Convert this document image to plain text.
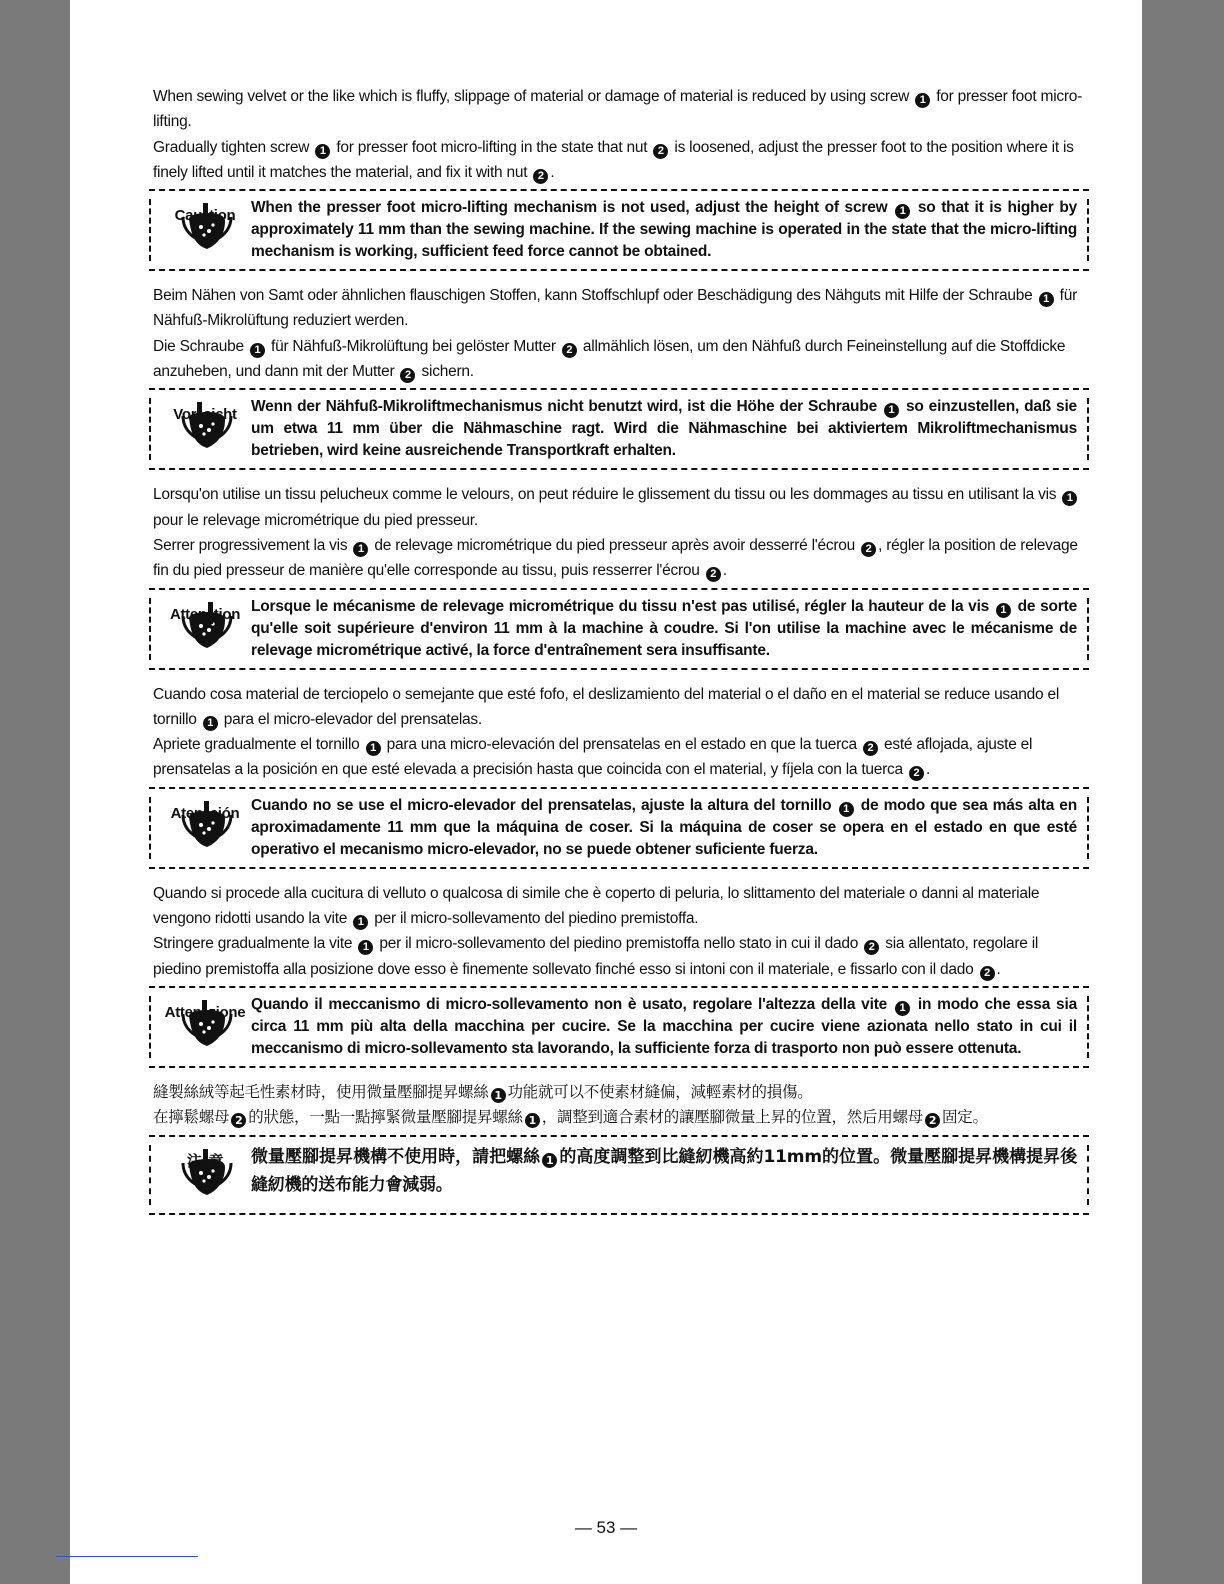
When sewing velvet or the like which is fluffy, slippage of material or damage of material is reduced by using screw 1 for presser foot micro-lifting.

Gradually tighten screw 1 for presser foot micro-lifting in the state that nut 2 is loosened, adjust the presser foot to the position where it is finely lifted until it matches the material, and fix it with nut 2 .

Cau tion	When the presser foot micro-lifting mechanism is not used, adjust the height of screw 1 so that it is higher by approximately 11 mm than the sewing machine. If the sewing machine is operated in the state that the micro-lifting mechanism is working, sufficient feed force cannot be obtained.

Beim Nähen von Samt oder ähnlichen flauschigen Stoffen, kann Stoffschlupf oder Beschädigung des Nähguts mit Hilfe der Schraube 1 für Nähfuß-Mikrolüftung reduziert werden.

Die Schraube 1 für Nähfuß-Mikrolüftung bei gelöster Mutter 2 allmählich lösen, um den Nähfuß durch Feineinstellung auf die Stoffdicke anzuheben, und dann mit der Mutter 2 sichern.

Vor sicht Wenn der Nähfuß-Mikroliftmechanismus nicht benutzt wird, ist die Höhe der Schraube 1 so einzustellen, daß sie um etwa 11 mm über die Nähmaschine ragt. Wird die Nähmaschine bei aktiviertem Mikroliftmechanismus betrieben, wird keine ausreichende Transportkraft erhalten.

Lorsqu'on utilise un tissu pelucheux comme le velours, on peut réduire le glissement du tissu ou les dommages au tissu en utilisant la vis 1 pour le relevage micrométrique du pied presseur.

Serrer progressivement la vis 1 de relevage micrométrique du pied presseur après avoir desserré l'écrou 2 , régler la position de relevage fin du pied presseur de manière qu'elle corresponde au tissu, puis resserrer l'écrou 2 .

Atten tion Lorsque le mécanisme de relevage micrométrique du tissu n'est pas utilisé, régler la hauteur de la vis 1 de sorte qu'elle soit supérieure d'environ 11 mm à la machine à coudre. Si l'on utilise la machine avec le mécanisme de relevage micrométrique activé, la force d'entraînement sera insuffisante.

Cuando cosa material de terciopelo o semejante que esté fofo, el deslizamiento del material o el daño en el material se reduce usando el tornillo 1 para el micro-elevador del prensatelas.

Apriete gradualmente el tornillo 1 para una micro-elevación del prensatelas en el estado en que la tuerca 2 esté aflojada, ajuste el prensatelas a la posición en que esté elevada a precisión hasta que coincida con el material, y fíjela con la tuerca 2 .

Aten ción Cuando no se use el micro-elevador del prensatelas, ajuste la altura del tornillo 1 de modo que sea más alta en aproximadamente 11 mm que la máquina de coser. Si la máquina de coser se opera en el estado en que esté operativo el mecanismo micro-elevador, no se puede obtener suficiente fuerza.

Quando si procede alla cucitura di velluto o qualcosa di simile che è coperto di peluria, lo slittamento del materiale o danni al materiale vengono ridotti usando la vite 1 per il micro-sollevamento del piedino premistoffa.

Stringere gradualmente la vite 1 per il micro-sollevamento del piedino premistoffa nello stato in cui il dado 2 sia allentato, regolare il piedino premistoffa alla posizione dove esso è finemente sollevato finché esso si intoni con il materiale, e fissarlo con il dado 2 .

Atten zione Quando il meccanismo di micro-sollevamento non è usato, regolare l'altezza della vite 1 in modo che essa sia circa 11 mm più alta della macchina per cucire. Se la macchina per cucire viene azionata nello stato in cui il meccanismo di micro-sollevamento sta lavorando, la sufficiente forza di trasporto non può essere ottenuta.

縫製絲絨等起毛性素材時，使用微量壓腳提昇螺絲 1 功能就可以不使素材縫偏，減輕素材的損傷。

在擰鬆螺母 2 的狀態，一點一點擰緊微量壓腳提昇螺絲 1 ，調整到適合素材的讓壓腳微量上昇的位置，然后用螺母 2 固定。

注 意	微量壓腳提昇機構不使用時，請把螺絲 1 的高度調整到比縫紉機高約11mm的位置。微量壓腳提昇機構提昇後縫紉機的送布能力會減弱。
— 53 —
